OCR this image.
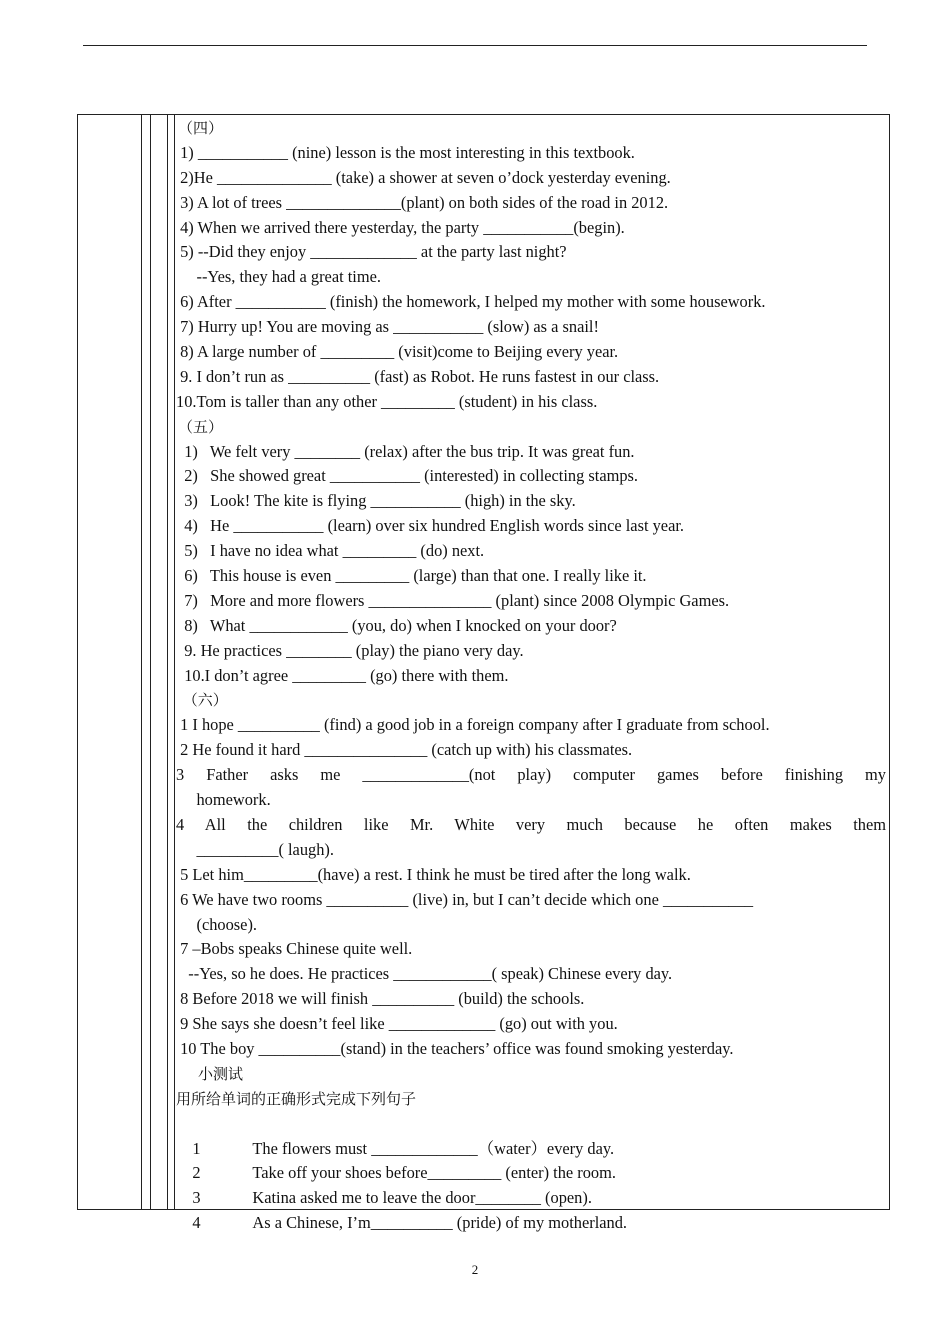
（四）
1) ___________ (nine) lesson is the most interesting in this textbook.
2)He ______________ (take) a shower at seven o’dock yesterday evening.
3) A lot of trees ______________(plant) on both sides of the road in 2012.
4) When we arrived there yesterday, the party ___________(begin).
5) --Did they enjoy _____________ at the party last night?
--Yes, they had a great time.
6) After ___________ (finish) the homework, I helped my mother with some housework.
7) Hurry up! You are moving as ___________ (slow) as a snail!
8) A large number of _________ (visit)come to Beijing every year.
9. I don’t run as __________ (fast) as Robot. He runs fastest in our class.
10.Tom is taller than any other _________ (student) in his class.
（五）
1)   We felt very ________ (relax) after the bus trip. It was great fun.
2)   She showed great ___________ (interested) in collecting stamps.
3)   Look! The kite is flying ___________ (high) in the sky.
4)   He ___________ (learn) over six hundred English words since last year.
5)   I have no idea what _________ (do) next.
6)   This house is even _________ (large) than that one. I really like it.
7)   More and more flowers _______________ (plant) since 2008 Olympic Games.
8)   What ____________ (you, do) when I knocked on your door?
9. He practices ________ (play) the piano very day.
10.I don’t agree _________ (go) there with them.
（六）
1 I hope __________ (find) a good job in a foreign company after I graduate from school.
2 He found it hard _______________ (catch up with) his classmates.
3 Father asks me _____________(not play) computer games before finishing my
homework.
4 All the children like Mr. White very much because he often makes them
__________( laugh).
5 Let him_________(have) a rest. I think he must be tired after the long walk.
6 We have two rooms __________ (live) in, but I can’t decide which one ___________
(choose).
7 –Bobs speaks Chinese quite well.
--Yes, so he does. He practices ____________( speak) Chinese every day.
8 Before 2018 we will finish __________ (build) the schools.
9 She says she doesn’t feel like _____________ (go) out with you.
10 The boy __________(stand) in the teachers’ office was found smoking yesterday.
小测试
用所给单词的正确形式完成下列句子

1	The flowers must _____________（water）every day.

2	Take off your shoes before_________ (enter) the room.

3	Katina asked me to leave the door________ (open).

4	As a Chinese, I’m__________ (pride) of my motherland.

2
